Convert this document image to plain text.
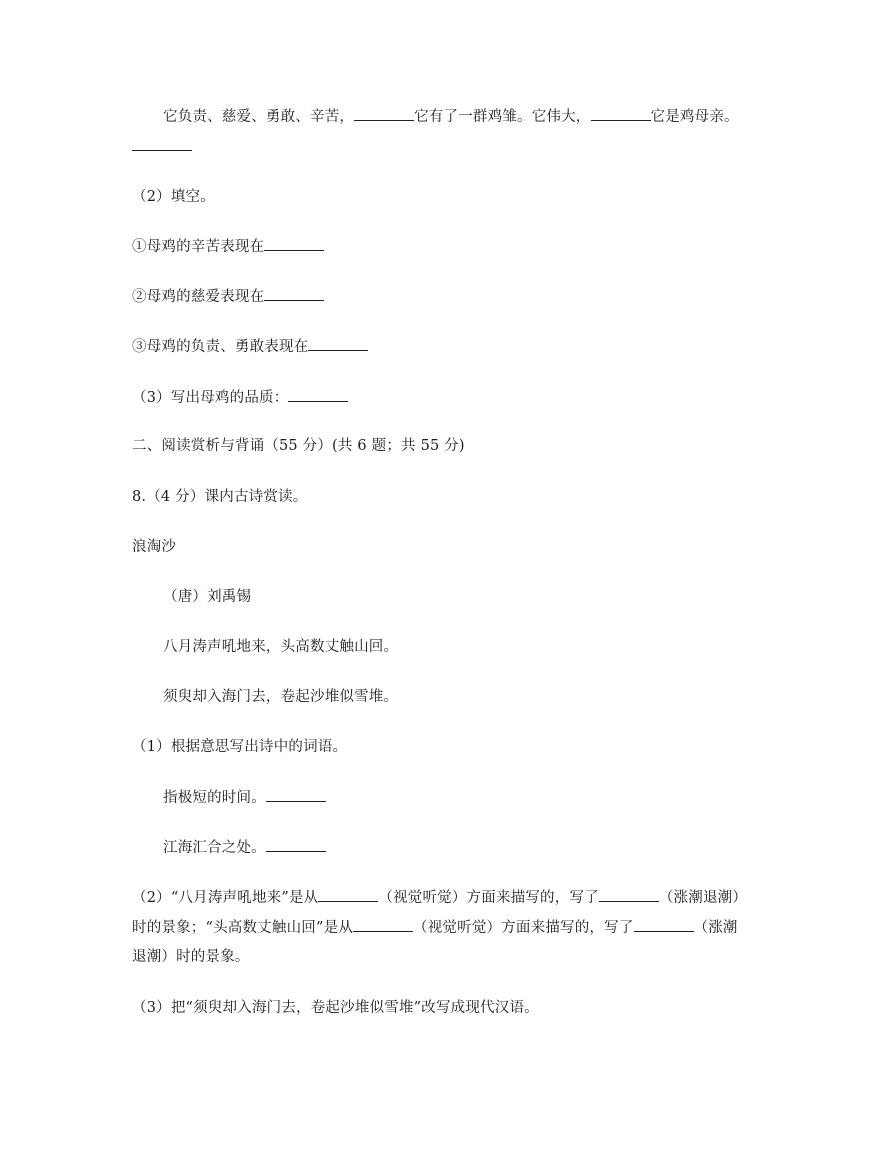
它负责、慈爱、勇敢、辛苦，	它有了一群鸡雏。它伟大，	它是鸡母亲。
（2）填空。
①母鸡的辛苦表现在
②母鸡的慈爱表现在
③母鸡的负责、勇敢表现在
（3）写出母鸡的品质：
二、阅读赏析与背诵（55 分）(共 6 题；共 55 分)
8.（4 分）课内古诗赏读。
浪淘沙
（唐）刘禹锡
八月涛声吼地来，头高数丈触山回。
须臾却入海门去，卷起沙堆似雪堆。
（1）根据意思写出诗中的词语。
指极短的时间。
江海汇合之处。
（2）“八月涛声吼地来”是从	（视觉听觉）方面来描写的，写了	（涨潮退潮）
时的景象；“头高数丈触山回”是从	（视觉听觉）方面来描写的，写了	（涨潮
退潮）时的景象。
（3）把“须臾却入海门去，卷起沙堆似雪堆”改写成现代汉语。
